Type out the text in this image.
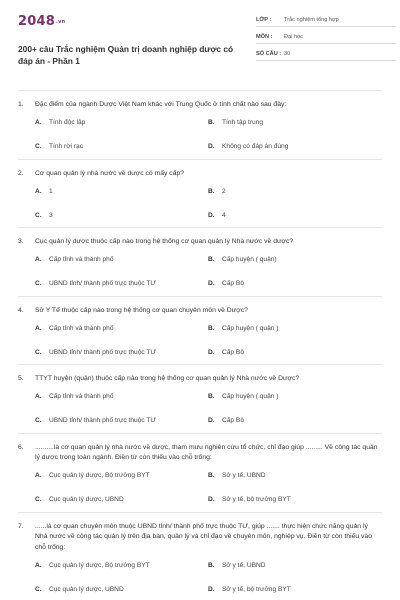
2048.vn
200+ câu Trắc nghiệm Quản trị doanh nghiệp dược có đáp án - Phần 1
LỚP :	Trắc nghiệm tổng hợp
MÔN :	Đại học
SỐ CÂU : 30
1.	Đặc điểm của ngành Dược Việt Nam khác với Trung Quốc ở tính chất nào sau đây:
A.	Tính độc lập	B.	Tính tập trung
C.	Tính rời rạc	D.	Không có đáp án đúng
2.	Cơ quan quản lý nhà nước về dược có mấy cấp?
A.	1	B.	2
C.	3	D.	4
3.	Cục quản lý dược thuộc cấp nào trong hệ thống cơ quan quản lý Nhà nước về dược?
A.	Cấp tỉnh và thành phố	B.	Cấp huyện ( quận)
C.	UBND tỉnh/ thành phố trực thuộc TƯ	D.	Cấp Bộ
4.	Sở Y Tế thuộc cấp nào trong hệ thống cơ quan chuyên môn về Dược?
A.	Cấp tỉnh và thành phố	B.	Cấp huyện ( quận )
C.	UBND tỉnh/ thành phố trực thuộc TƯ	D.	Cấp Bộ
5.	TTYT huyện (quận) thuộc cấp nào trong hệ thống cơ quan quản lý Nhà nước về Dược?
A.	Cấp tỉnh và thành phố	B.	Cấp huyện ( quận )
C.	UBND tỉnh/ thành phố trực thuộc TƯ	D.	Cấp Bộ
6.	..........là cơ quan quản lý nhà nước về dược, tham mưu nghiên cứu tổ chức, chỉ đạo giúp ......... Về công tác quản lý dược trong toàn ngành. Điền từ còn thiếu vào chỗ trống:
A.	Cục quản lý dược, Bộ trưởng BYT	B.	Sở y tế, UBND
C.	Cục quản lý dược, UBND	D.	Sở y tế, bộ trưởng BYT
7.	......là cơ quan chuyên môn thuộc UBND tỉnh/ thành phố trực thuộc TƯ, giúp ....... thực hiện chức năng quản lý Nhà nước về công tác quản lý trên địa bàn, quản lý và chỉ đạo về chuyên môn, nghiệp vụ. Điền từ còn thiếu vào chỗ trống:
A.	Cục quản lý dược, Bộ trưởng BYT	B.	Sở y tế, UBND
C.	Cục quản lý dược, UBND	D.	Sở y tế, bộ trưởng BYT
